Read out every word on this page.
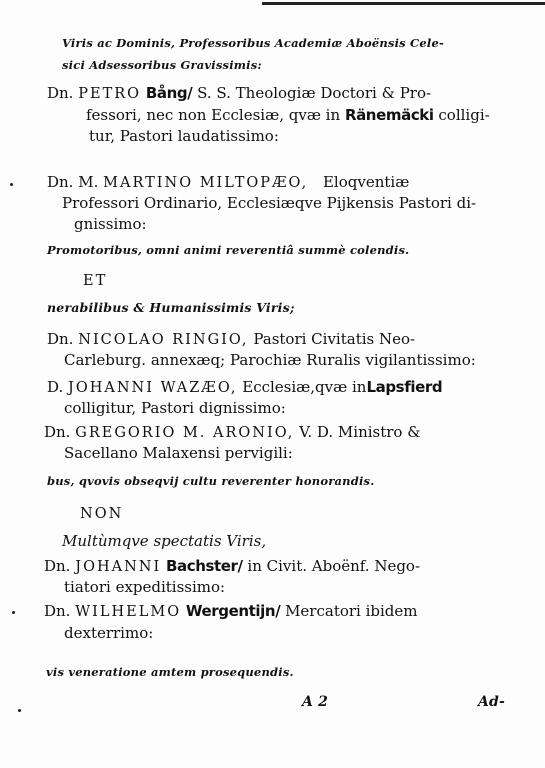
Viris ac Dominis, Professoribus Academiæ Aboënsis Cele-
sici Adsessoribus Gravissimis:
Dn. PETRO Bång/ S. S. Theologiæ Doctori & Pro-
fessori, nec non Ecclesiæ, qvæ in Ränemäcki colligi-
tur, Pastori laudatissimo:
Dn. M. MARTINO MILTOPÆO, Eloqventiæ
Professori Ordinario, Ecclesiæqve Pijkensis Pastori di-
gnissimo:
Promotoribus, omni animi reverentiâ summè colendis.
ET
nerabilibus & Humanissimis Viris;
Dn. NICOLAO RINGIO, Pastori Civitatis Neo-
Carleburg. annexæq; Parochiæ Ruralis vigilantissimo:
D. JOHANNI WAZÆO, Ecclesiæ,qvæ inLapsfierd
colligitur, Pastori dignissimo:
Dn. GREGORIO M. ARONIO, V. D. Ministro &
Sacellano Malaxensi pervigili:
bus, qvovis obseqvij cultu reverenter honorandis.
NON
Multùmqve spectatis Viris,
Dn. JOHANNI Bachster/ in Civit. Aboënf. Nego-
tiatori expeditissimo:
Dn. WILHELMO Wergentijn/ Mercatori ibidem
dexterrimo:
vis veneratione amtem prosequendis.
A 2	Ad-
